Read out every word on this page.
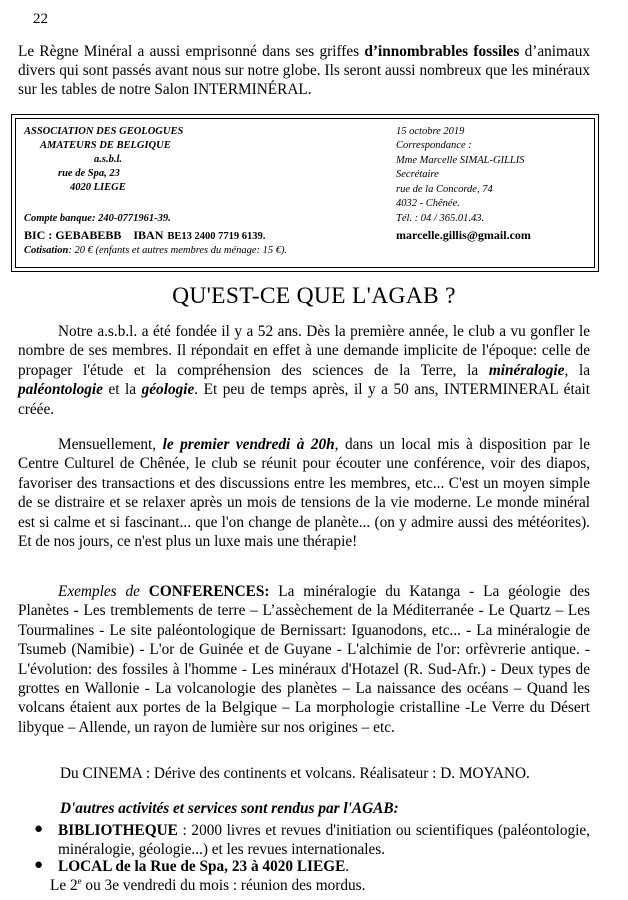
22
Le Règne Minéral a aussi emprisonné dans ses griffes d’innombrables fossiles d’animaux divers qui sont passés avant nous sur notre globe. Ils seront aussi nombreux que les minéraux sur les tables de notre Salon INTERMINÉRAL.
ASSOCIATION DES GEOLOGUES
AMATEURS DE BELGIQUE
a.s.b.l.
rue de Spa, 23
4020 LIEGE
Compte banque: 240-0771961-39.
BIC : GEBABEBB IBAN BE13 2400 7719 6139.
Cotisation: 20 € (enfants et autres membres du ménage: 15 €).
15 octobre 2019
Correspondance :
Mme Marcelle SIMAL-GILLIS
Secrétaire
rue de la Concorde, 74
4032 - Chênée.
Tél. : 04 / 365.01.43.
marcelle.gillis@gmail.com
QU'EST-CE QUE L'AGAB ?

Notre a.s.b.l. a été fondée il y a 52 ans. Dès la première année, le club a vu gonfler le nombre de ses membres. Il répondait en effet à une demande implicite de l'époque: celle de propager l'étude et la compréhension des sciences de la Terre, la minéralogie, la paléontologie et la géologie. Et peu de temps après, il y a 50 ans, INTERMINERAL était créée.

Mensuellement, le premier vendredi à 20h, dans un local mis à disposition par le Centre Culturel de Chênée, le club se réunit pour écouter une conférence, voir des diapos, favoriser des transactions et des discussions entre les membres, etc... C'est un moyen simple de se distraire et se relaxer après un mois de tensions de la vie moderne. Le monde minéral est si calme et si fascinant... que l'on change de planète... (on y admire aussi des météorites). Et de nos jours, ce n'est plus un luxe mais une thérapie!

Exemples de CONFERENCES: La minéralogie du Katanga - La géologie des Planètes - Les tremblements de terre – L’assèchement de la Méditerranée - Le Quartz – Les Tourmalines - Le site paléontologique de Bernissart: Iguanodons, etc... - La minéralogie de Tsumeb (Namibie) - L'or de Guinée et de Guyane - L'alchimie de l'or: orfèvrerie antique. - L'évolution: des fossiles à l'homme - Les minéraux d'Hotazel (R. Sud-Afr.) - Deux types de grottes en Wallonie - La volcanologie des planètes – La naissance des océans – Quand les volcans étaient aux portes de la Belgique – La morphologie cristalline -Le Verre du Désert libyque – Allende, un rayon de lumière sur nos origines – etc.

Du CINEMA : Dérive des continents et volcans. Réalisateur : D. MOYANO.
D'autres activités et services sont rendus par l'AGAB:
● BIBLIOTHEQUE : 2000 livres et revues d'initiation ou scientifiques (paléontologie, minéralogie, géologie...) et les revues internationales.
● LOCAL de la Rue de Spa, 23 à 4020 LIEGE.
Le 2e ou 3e vendredi du mois : réunion des mordus.
